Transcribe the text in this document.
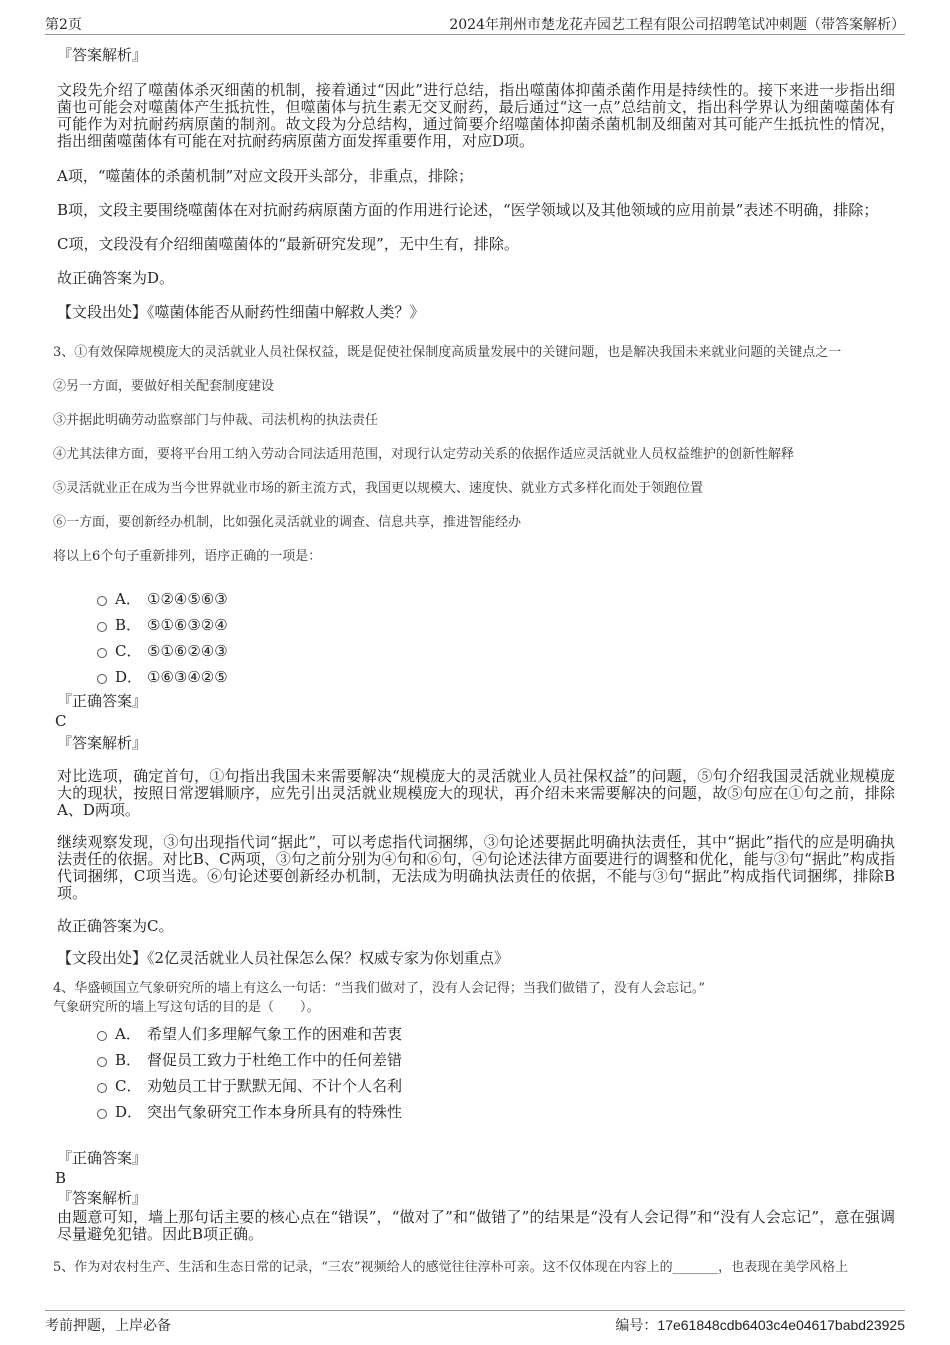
第2页	2024年荆州市楚龙花卉园艺工程有限公司招聘笔试冲刺题（带答案解析）

『答案解析』

文段先介绍了噬菌体杀灭细菌的机制，接着通过“因此”进行总结，指出噬菌体抑菌杀菌作用是持续性的。接下来进一步指出细菌也可能会对噬菌体产生抵抗性，但噬菌体与抗生素无交叉耐药，最后通过“这一点”总结前文，指出科学界认为细菌噬菌体有可能作为对抗耐药病原菌的制剂。故文段为分总结构，通过简要介绍噬菌体抑菌杀菌机制及细菌对其可能产生抵抗性的情况，指出细菌噬菌体有可能在对抗耐药病原菌方面发挥重要作用，对应D项。

A项，“噬菌体的杀菌机制”对应文段开头部分，非重点，排除；

B项，文段主要围绕噬菌体在对抗耐药病原菌方面的作用进行论述，“医学领域以及其他领域的应用前景”表述不明确，排除；

C项，文段没有介绍细菌噬菌体的“最新研究发现”，无中生有，排除。

故正确答案为D。

【文段出处】《噬菌体能否从耐药性细菌中解救人类？》

3、①有效保障规模庞大的灵活就业人员社保权益，既是促使社保制度高质量发展中的关键问题，也是解决我国未来就业问题的关键点之一

②另一方面，要做好相关配套制度建设

③并据此明确劳动监察部门与仲裁、司法机构的执法责任

④尤其法律方面，要将平台用工纳入劳动合同法适用范围，对现行认定劳动关系的依据作适应灵活就业人员权益维护的创新性解释

⑤灵活就业正在成为当今世界就业市场的新主流方式，我国更以规模大、速度快、就业方式多样化而处于领跑位置

⑥一方面，要创新经办机制，比如强化灵活就业的调查、信息共享，推进智能经办

将以上6个句子重新排列，语序正确的一项是：

A． ①②④⑤⑥③
B． ⑤①⑥③②④
C． ⑤①⑥②④③
D． ①⑥③④②⑤

『正确答案』

C

『答案解析』

对比选项，确定首句，①句指出我国未来需要解决“规模庞大的灵活就业人员社保权益”的问题，⑤句介绍我国灵活就业规模庞大的现状，按照日常逻辑顺序，应先引出灵活就业规模庞大的现状，再介绍未来需要解决的问题，故⑤句应在①句之前，排除A、D两项。

继续观察发现，③句出现指代词“据此”，可以考虑指代词捆绑，③句论述要据此明确执法责任，其中“据此”指代的应是明确执法责任的依据。对比B、C两项，③句之前分别为④句和⑥句，④句论述法律方面要进行的调整和优化，能与③句“据此”构成指代词捆绑，C项当选。⑥句论述要创新经办机制，无法成为明确执法责任的依据，不能与③句“据此”构成指代词捆绑，排除B项。

故正确答案为C。

【文段出处】《2亿灵活就业人员社保怎么保？权威专家为你划重点》

4、华盛顿国立气象研究所的墙上有这么一句话：“当我们做对了，没有人会记得；当我们做错了，没有人会忘记。”

气象研究所的墙上写这句话的目的是（　　）。

A． 希望人们多理解气象工作的困难和苦衷
B． 督促员工致力于杜绝工作中的任何差错
C． 劝勉员工甘于默默无闻、不计个人名利
D． 突出气象研究工作本身所具有的特殊性

『正确答案』

B

『答案解析』

由题意可知，墙上那句话主要的核心点在“错误”，“做对了”和“做错了”的结果是“没有人会记得”和“没有人会忘记”，意在强调尽量避免犯错。因此B项正确。

5、作为对农村生产、生活和生态日常的记录，“三农”视频给人的感觉往往淳朴可亲。这不仅体现在内容上的_______，也表现在美学风格上

考前押题，上岸必备	编号：17e61848cdb6403c4e04617babd23925
